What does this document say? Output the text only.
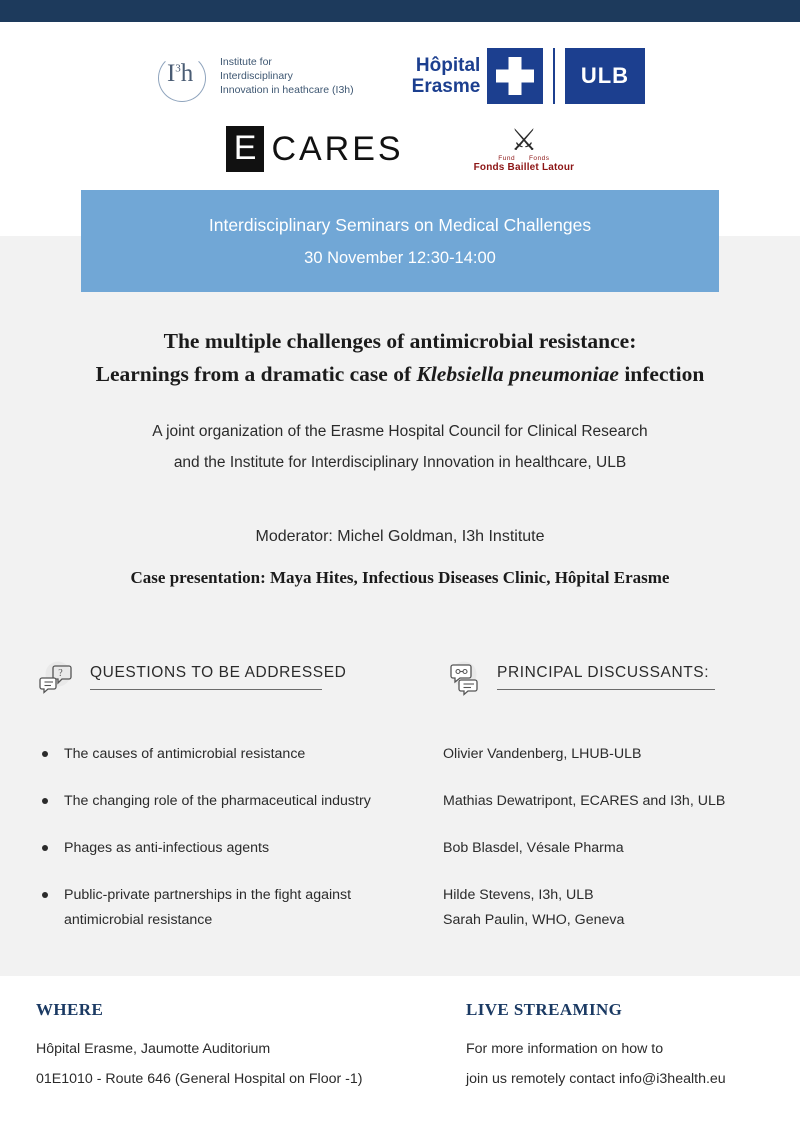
$I^3h$	Institute for
Interdisciplinary
Innovation in heathcare (I3h)
Hôpital
Erasme	ULB
E CARES	⚔
Fund Fonds
Fonds Baillet Latour
Interdisciplinary Seminars on Medical Challenges
30 November 12:30-14:00
The multiple challenges of antimicrobial resistance:
Learnings from a dramatic case of Klebsiella pneumoniae infection
A joint organization of the Erasme Hospital Council for Clinical Research
and the Institute for Interdisciplinary Innovation in healthcare, ULB
Moderator: Michel Goldman, I3h Institute
Case presentation: Maya Hites, Infectious Diseases Clinic, Hôpital Erasme
? QUESTIONS TO BE ADDRESSED
The causes of antimicrobial resistance
The changing role of the pharmaceutical industry
Phages as anti-infectious agents
Public-private partnerships in the fight against antimicrobial resistance
PRINCIPAL DISCUSSANTS:
Olivier Vandenberg, LHUB-ULB
Mathias Dewatripont, ECARES and I3h, ULB
Bob Blasdel, Vésale Pharma
Hilde Stevens, I3h, ULB
Sarah Paulin, WHO, Geneva
WHERE
Hôpital Erasme, Jaumotte Auditorium
01E1010 - Route 646 (General Hospital on Floor -1)
LIVE STREAMING
For more information on how to
join us remotely contact info@i3health.eu
